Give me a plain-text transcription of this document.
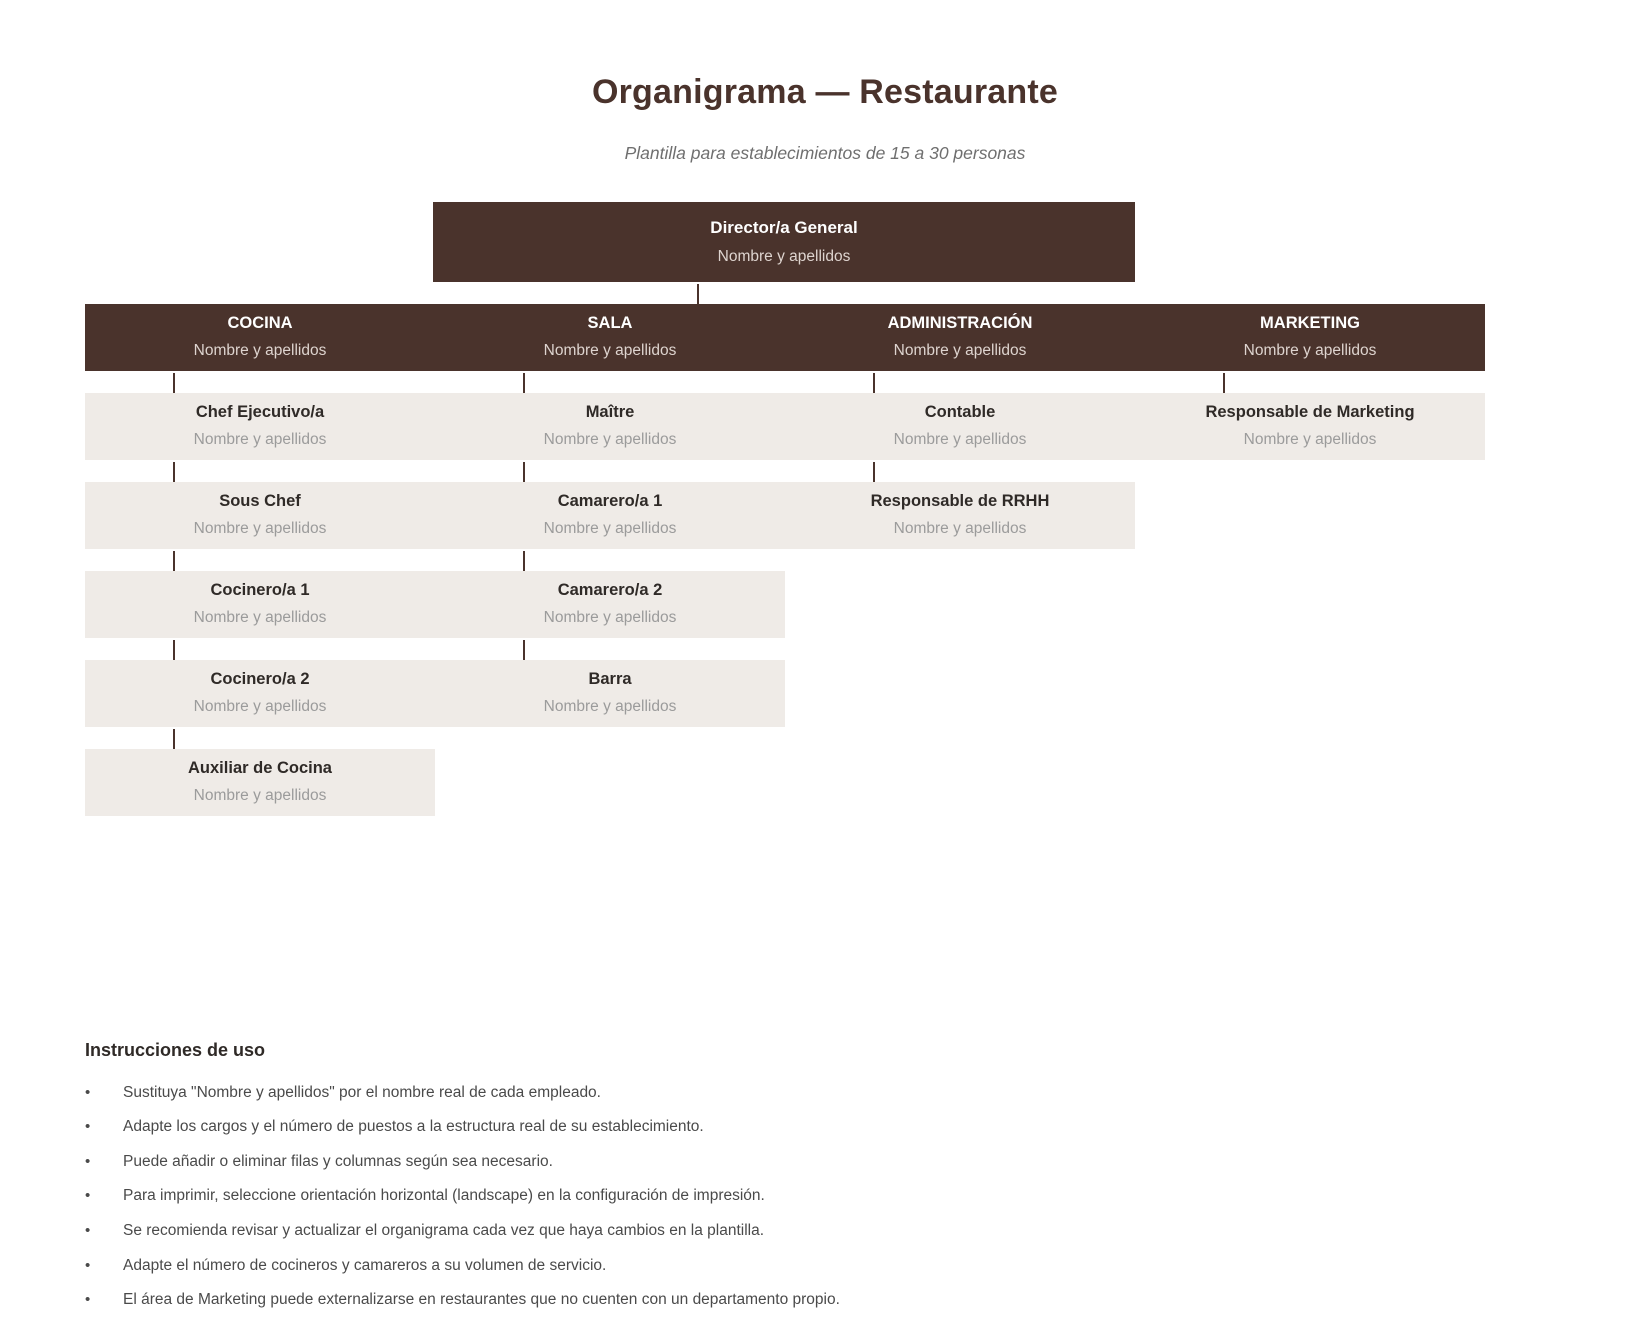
Organigrama — Restaurante

Plantilla para establecimientos de 15 a 30 personas

Director/a General
Nombre y apellidos
COCINA
Nombre y apellidos
SALA
Nombre y apellidos
ADMINISTRACIÓN
Nombre y apellidos
MARKETING
Nombre y apellidos
Chef Ejecutivo/a
Nombre y apellidos
Maître
Nombre y apellidos
Contable
Nombre y apellidos
Responsable de Marketing
Nombre y apellidos
Sous Chef
Nombre y apellidos
Camarero/a 1
Nombre y apellidos
Responsable de RRHH
Nombre y apellidos
Cocinero/a 1
Nombre y apellidos
Camarero/a 2
Nombre y apellidos
Cocinero/a 2
Nombre y apellidos
Barra
Nombre y apellidos
Auxiliar de Cocina
Nombre y apellidos
Instrucciones de uso
• Sustituya "Nombre y apellidos" por el nombre real de cada empleado.
• Adapte los cargos y el número de puestos a la estructura real de su establecimiento.
• Puede añadir o eliminar filas y columnas según sea necesario.
• Para imprimir, seleccione orientación horizontal (landscape) en la configuración de impresión.
• Se recomienda revisar y actualizar el organigrama cada vez que haya cambios en la plantilla.
• Adapte el número de cocineros y camareros a su volumen de servicio.
• El área de Marketing puede externalizarse en restaurantes que no cuenten con un departamento propio.
